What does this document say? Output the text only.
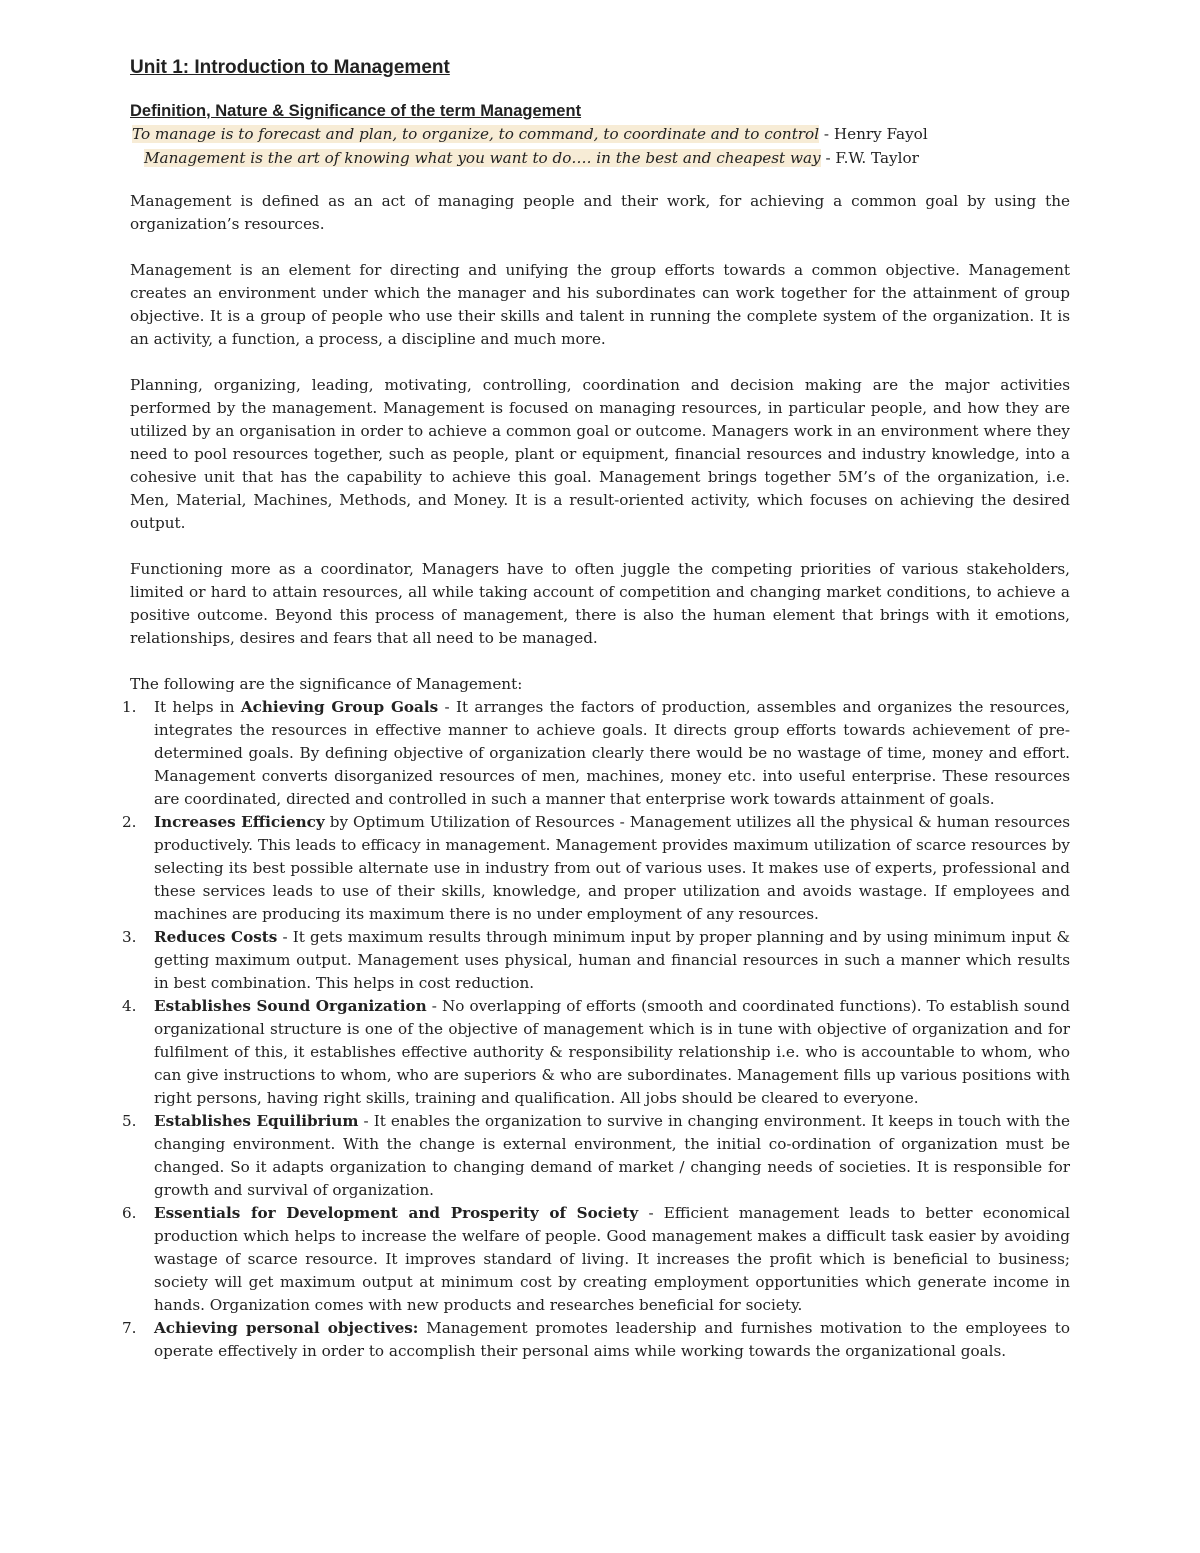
Unit 1: Introduction to Management
Definition, Nature & Significance of the term Management
To manage is to forecast and plan, to organize, to command, to coordinate and to control - Henry Fayol
Management is the art of knowing what you want to do…. in the best and cheapest way - F.W. Taylor

Management is defined as an act of managing people and their work, for achieving a common goal by using the organization’s resources.

Management is an element for directing and unifying the group efforts towards a common objective. Management creates an environment under which the manager and his subordinates can work together for the attainment of group objective. It is a group of people who use their skills and talent in running the complete system of the organization. It is an activity, a function, a process, a discipline and much more.

Planning, organizing, leading, motivating, controlling, coordination and decision making are the major activities performed by the management. Management is focused on managing resources, in particular people, and how they are utilized by an organisation in order to achieve a common goal or outcome. Managers work in an environment where they need to pool resources together, such as people, plant or equipment, financial resources and industry knowledge, into a cohesive unit that has the capability to achieve this goal. Management brings together 5M’s of the organization, i.e. Men, Material, Machines, Methods, and Money. It is a result-oriented activity, which focuses on achieving the desired output.

Functioning more as a coordinator, Managers have to often juggle the competing priorities of various stakeholders, limited or hard to attain resources, all while taking account of competition and changing market conditions, to achieve a positive outcome. Beyond this process of management, there is also the human element that brings with it emotions, relationships, desires and fears that all need to be managed.

The following are the significance of Management:
1.	It helps in Achieving Group Goals - It arranges the factors of production, assembles and organizes the resources, integrates the resources in effective manner to achieve goals. It directs group efforts towards achievement of pre-determined goals. By defining objective of organization clearly there would be no wastage of time, money and effort. Management converts disorganized resources of men, machines, money etc. into useful enterprise. These resources are coordinated, directed and controlled in such a manner that enterprise work towards attainment of goals.
2.	Increases Efficiency by Optimum Utilization of Resources - Management utilizes all the physical & human resources productively. This leads to efficacy in management. Management provides maximum utilization of scarce resources by selecting its best possible alternate use in industry from out of various uses. It makes use of experts, professional and these services leads to use of their skills, knowledge, and proper utilization and avoids wastage. If employees and machines are producing its maximum there is no under employment of any resources.
3.	Reduces Costs - It gets maximum results through minimum input by proper planning and by using minimum input & getting maximum output. Management uses physical, human and financial resources in such a manner which results in best combination. This helps in cost reduction.
4.	Establishes Sound Organization - No overlapping of efforts (smooth and coordinated functions). To establish sound organizational structure is one of the objective of management which is in tune with objective of organization and for fulfilment of this, it establishes effective authority & responsibility relationship i.e. who is accountable to whom, who can give instructions to whom, who are superiors & who are subordinates. Management fills up various positions with right persons, having right skills, training and qualification. All jobs should be cleared to everyone.
5.	Establishes Equilibrium - It enables the organization to survive in changing environment. It keeps in touch with the changing environment. With the change is external environment, the initial co-ordination of organization must be changed. So it adapts organization to changing demand of market / changing needs of societies. It is responsible for growth and survival of organization.
6.	Essentials for Development and Prosperity of Society - Efficient management leads to better economical production which helps to increase the welfare of people. Good management makes a difficult task easier by avoiding wastage of scarce resource. It improves standard of living. It increases the profit which is beneficial to business; society will get maximum output at minimum cost by creating employment opportunities which generate income in hands. Organization comes with new products and researches beneficial for society.
7.	Achieving personal objectives: Management promotes leadership and furnishes motivation to the employees to operate effectively in order to accomplish their personal aims while working towards the organizational goals.
